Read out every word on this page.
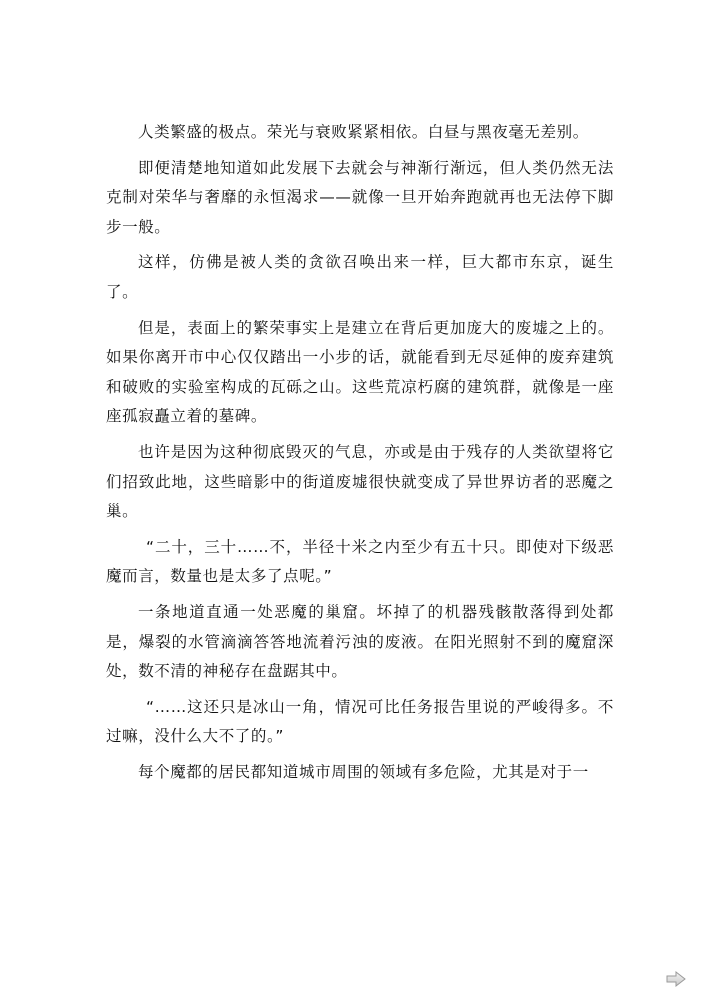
人类繁盛的极点。荣光与衰败紧紧相依。白昼与黑夜毫无差别。

即便清楚地知道如此发展下去就会与神渐行渐远，但人类仍然无法克制对荣华与奢靡的永恒渴求——就像一旦开始奔跑就再也无法停下脚步一般。

这样，仿佛是被人类的贪欲召唤出来一样，巨大都市东京，诞生了。

但是，表面上的繁荣事实上是建立在背后更加庞大的废墟之上的。如果你离开市中心仅仅踏出一小步的话，就能看到无尽延伸的废弃建筑和破败的实验室构成的瓦砾之山。这些荒凉朽腐的建筑群，就像是一座座孤寂矗立着的墓碑。

也许是因为这种彻底毁灭的气息，亦或是由于残存的人类欲望将它们招致此地，这些暗影中的街道废墟很快就变成了异世界访者的恶魔之巢。

“二十，三十……不，半径十米之内至少有五十只。即使对下级恶魔而言，数量也是太多了点呢。”

一条地道直通一处恶魔的巢窟。坏掉了的机器残骸散落得到处都是，爆裂的水管滴滴答答地流着污浊的废液。在阳光照射不到的魔窟深处，数不清的神秘存在盘踞其中。

“……这还只是冰山一角，情况可比任务报告里说的严峻得多。不过嘛，没什么大不了的。”

每个魔都的居民都知道城市周围的领域有多危险，尤其是对于一
